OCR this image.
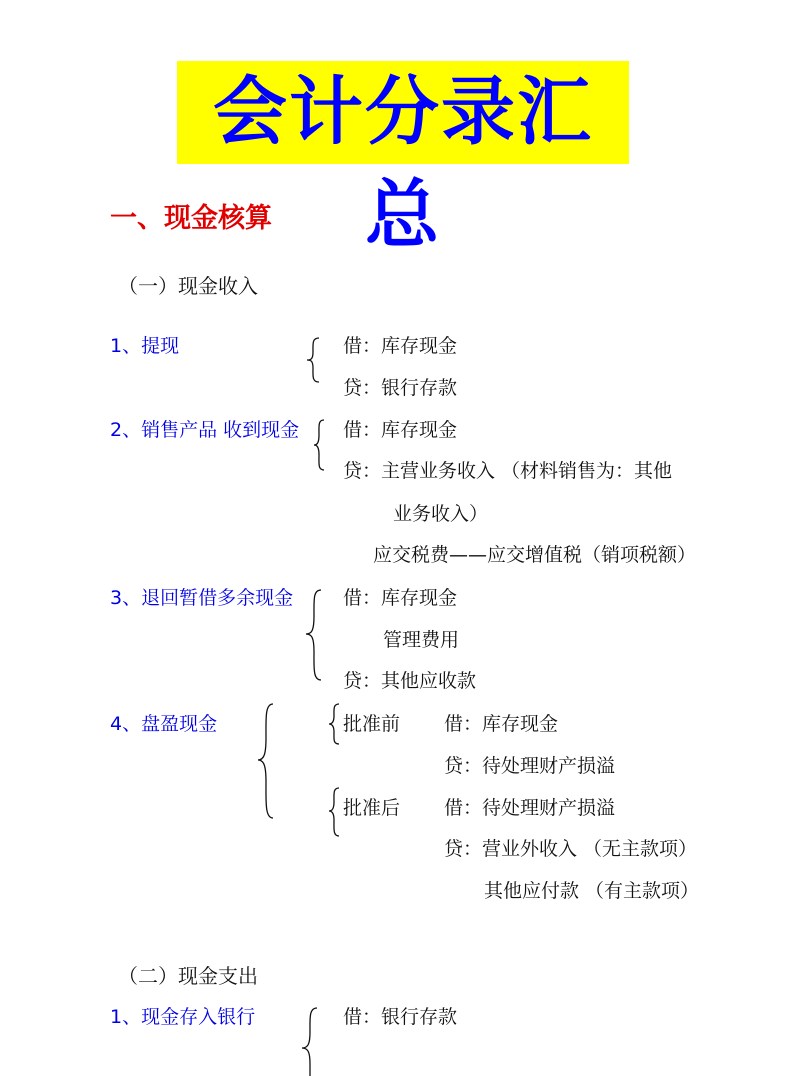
会计分录汇总
一、现金核算
（一）现金收入
1、提现	借：库存现金
贷：银行存款
2、销售产品 收到现金 借：库存现金
贷：主营业务收入 （材料销售为：其他
业务收入）
应交税费——应交增值税（销项税额）
3、退回暂借多余现金	借：库存现金
管理费用
贷：其他应收款
4、盘盈现金	批准前 借：库存现金
贷：待处理财产损溢
批准后 借：待处理财产损溢
贷：营业外收入 （无主款项）
其他应付款 （有主款项）
（二）现金支出
1、现金存入银行	借：银行存款
